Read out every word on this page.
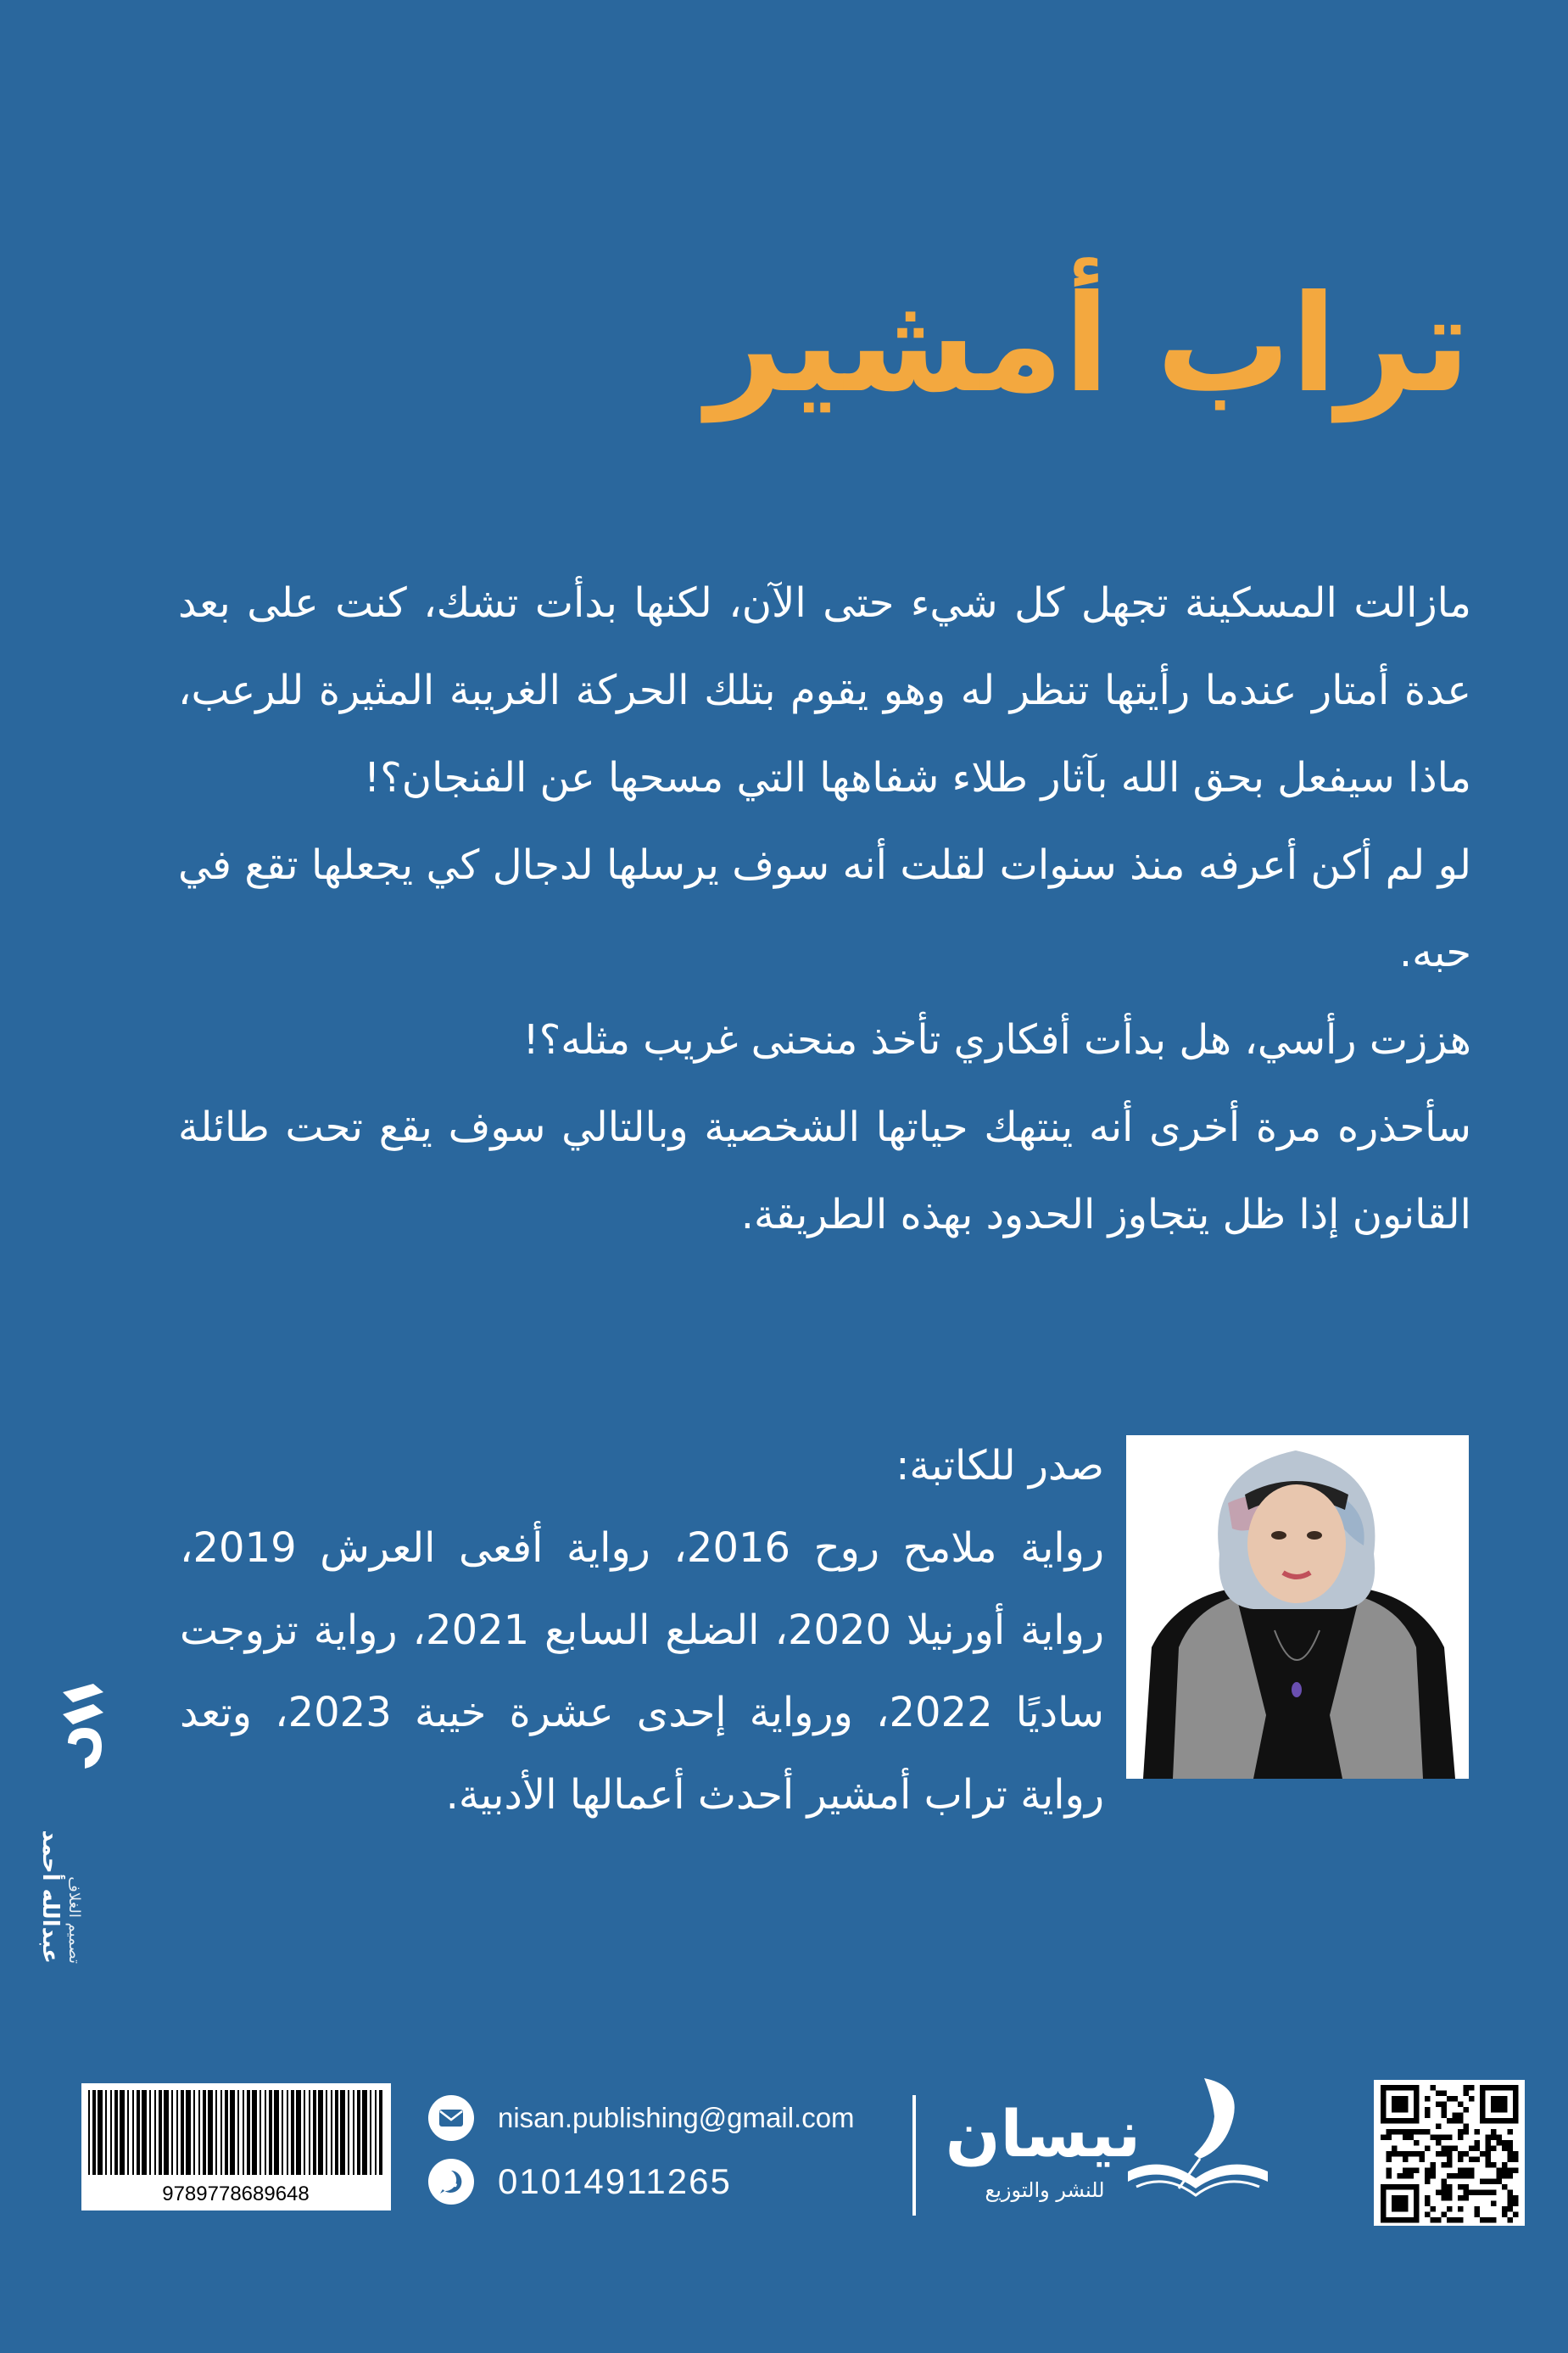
تراب أمشير

مازالت المسكينة تجهل كل شيء حتى الآن، لكنها بدأت تشك، كنت على بعد عدة أمتار عندما رأيتها تنظر له وهو يقوم بتلك الحركة الغريبة المثيرة للرعب، ماذا سيفعل بحق الله بآثار طلاء شفاهها التي مسحها عن الفنجان؟!

لو لم أكن أعرفه منذ سنوات لقلت أنه سوف يرسلها لدجال كي يجعلها تقع في حبه.

هززت رأسي، هل بدأت أفكاري تأخذ منحنى غريب مثله؟!

سأحذره مرة أخرى أنه ينتهك حياتها الشخصية وبالتالي سوف يقع تحت طائلة القانون إذا ظل يتجاوز الحدود بهذه الطريقة.

صدر للكاتبة:

رواية ملامح روح 2016، رواية أفعى العرش 2019، رواية أورنيلا 2020، الضلع السابع 2021، رواية تزوجت ساديًا 2022، ورواية إحدى عشرة خيبة 2023، وتعد رواية تراب أمشير أحدث أعمالها الأدبية.

تصميم الغلاف
عبدالله أحمد
9789778689648
nisan.publishing@gmail.com
01014911265
نيسان
للنشر والتوزيع
